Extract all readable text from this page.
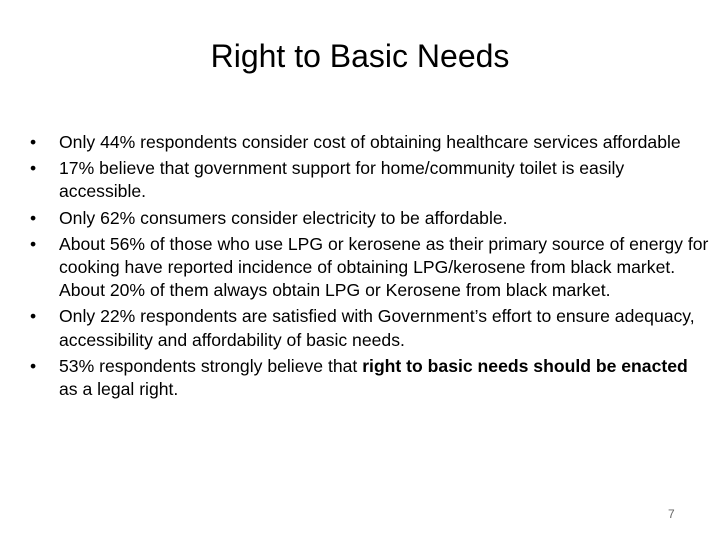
Right to Basic Needs
• Only 44% respondents consider cost of obtaining healthcare services affordable
• 17% believe that government support for home/community toilet is easily accessible.
• Only 62% consumers consider electricity to be affordable.
• About 56% of those who use LPG or kerosene as their primary source of energy for cooking have reported incidence of obtaining LPG/kerosene from black market. About 20% of them always obtain LPG or Kerosene from black market.
• Only 22% respondents are satisfied with Government’s effort to ensure adequacy, accessibility and affordability of basic needs.
• 53% respondents strongly believe that right to basic needs should be enacted  as a legal right.
7
